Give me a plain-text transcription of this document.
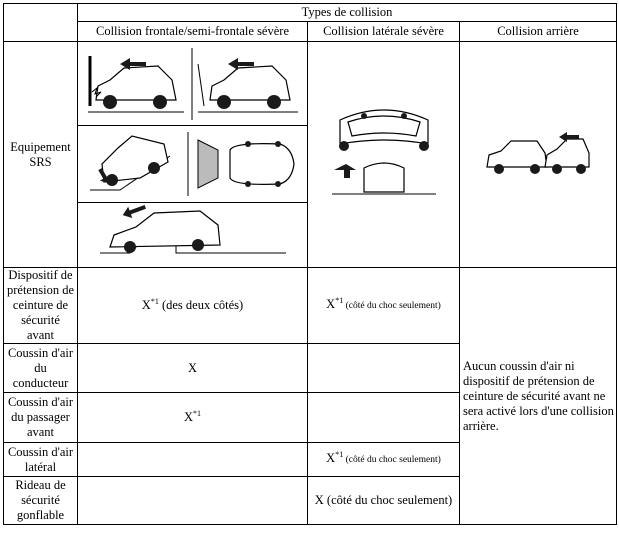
	Types de collision		
	Collision frontale/semi-frontale sévère	Collision latérale sévère	Collision arrière
Equipement SRS	

Dispositif de prétension de ceinture de sécurité avant	$X^{*1}$ (des deux côtés)	$X^{*1}$ (côté du choc seulement)	Aucun coussin d'air ni dispositif de prétension de ceinture de sécurité avant ne sera activé lors d'une collision arrière.
Coussin d'air du conducteur	X		
Coussin d'air du passager avant	$X^{*1}$	
Coussin d'air latéral		$X^{*1}$ (côté du choc seulement)	
Rideau de sécurité gonflable		X (côté du choc seulement)	
